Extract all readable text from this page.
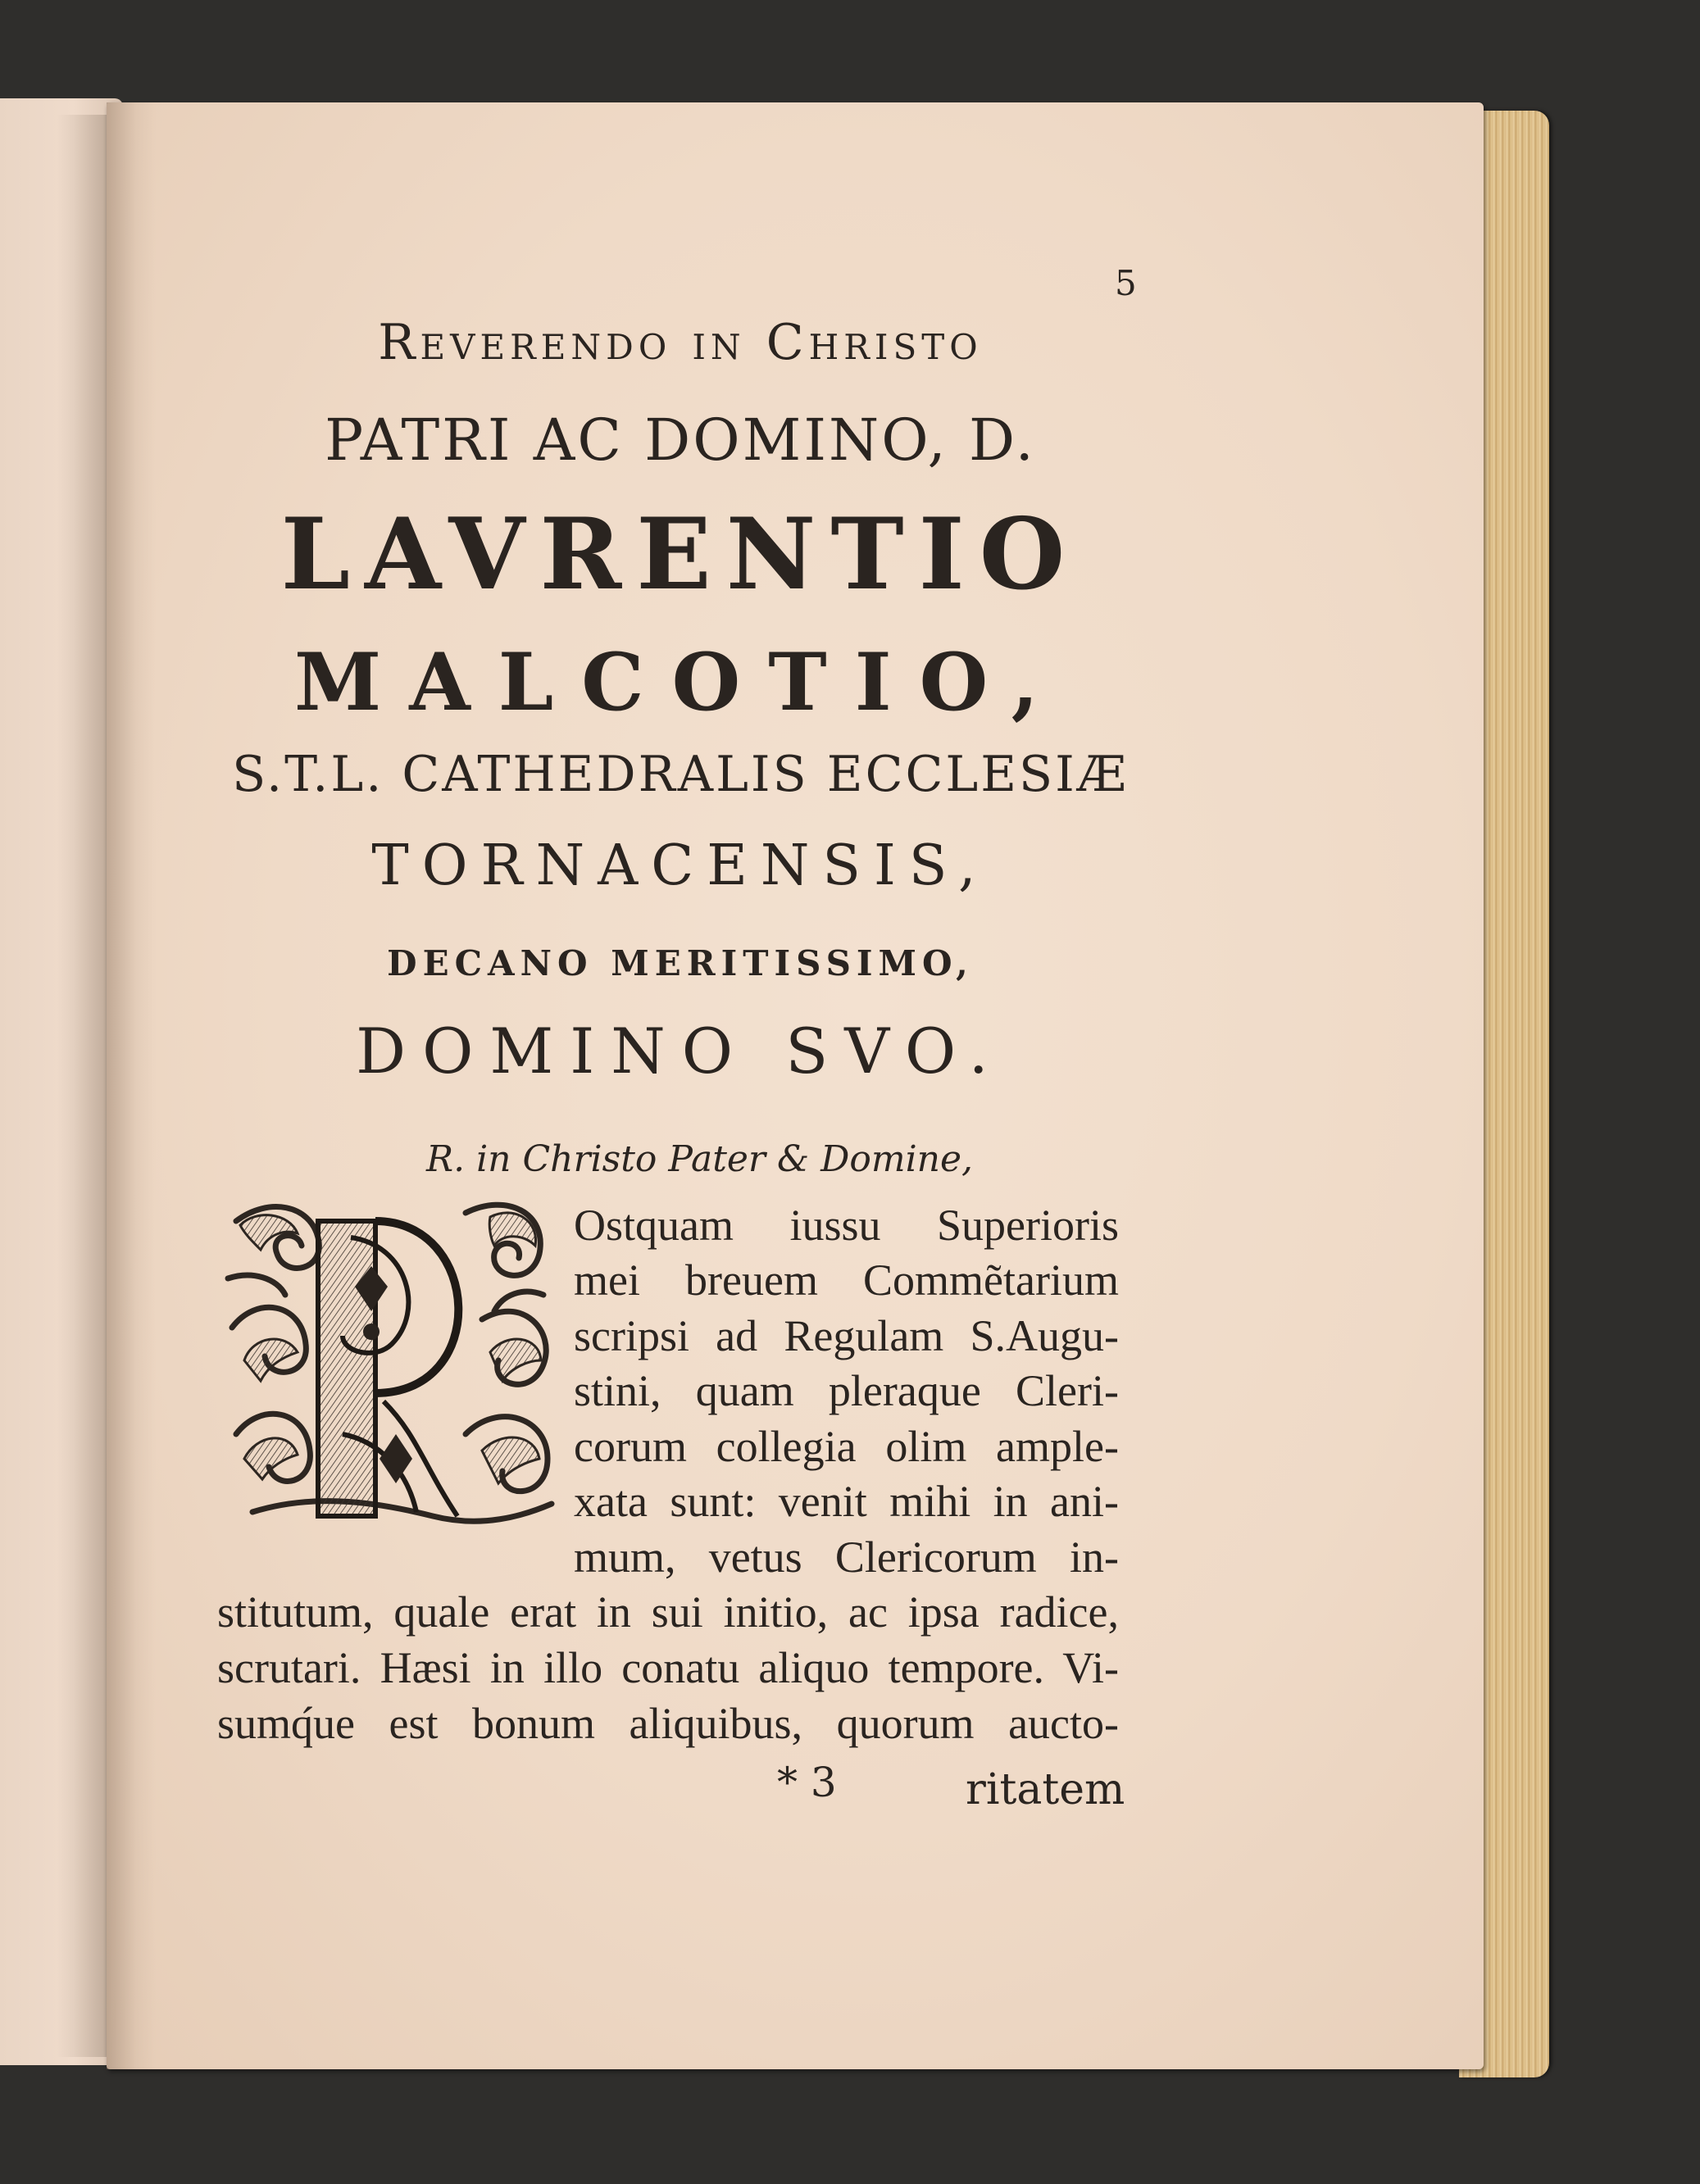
5
Reverendo in Christo
PATRI AC DOMINO, D.
LAVRENTIO
MALCOTIO,
S.T.L. CATHEDRALIS ECCLESIÆ
TORNACENSIS,
DECANO MERITISSIMO,
DOMINO SVO.
R. in Christo Pater & Domine,
Ostquam iussu Superioris
mei breuem Commẽtarium
scripsi ad Regulam S.Augu-
stini, quam pleraque Cleri-
corum collegia olim ample-
xata sunt: venit mihi in ani-
mum, vetus Clericorum in-
stitutum, quale erat in sui initio, ac ipsa radice,
scrutari. Hæsi in illo conatu aliquo tempore. Vi-
sumq́ue est bonum aliquibus, quorum aucto-
* 3	ritatem
